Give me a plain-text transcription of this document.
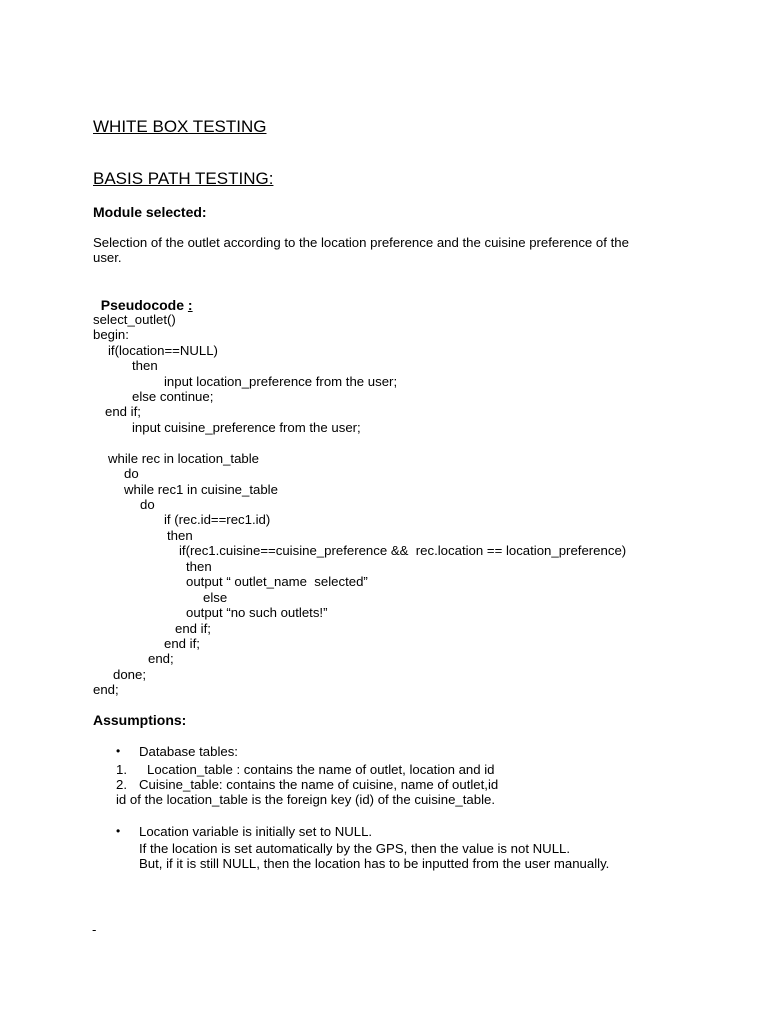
WHITE BOX TESTING
BASIS PATH TESTING:
Module selected:
Selection of the outlet according to the location preference and the cuisine preference of the
user.

Pseudocode :

select_outlet()
begin:
if(location==NULL)
then
input location_preference from the user;
else continue;
end if;
input cuisine_preference from the user;
while rec in location_table
do
while rec1 in cuisine_table
do
if (rec.id==rec1.id)
then
if(rec1.cuisine==cuisine_preference &&  rec.location == location_preference)
then
output “ outlet_name  selected”
else
output “no such outlets!”
end if;
end if;
end;
done;
end;
Assumptions:
• Database tables:
1. Location_table : contains the name of outlet, location and id
2. Cuisine_table: contains the name of cuisine, name of outlet,id
id of the location_table is the foreign key (id) of the cuisine_table.
• Location variable is initially set to NULL.
If the location is set automatically by the GPS, then the value is not NULL.
But, if it is still NULL, then the location has to be inputted from the user manually.
-
